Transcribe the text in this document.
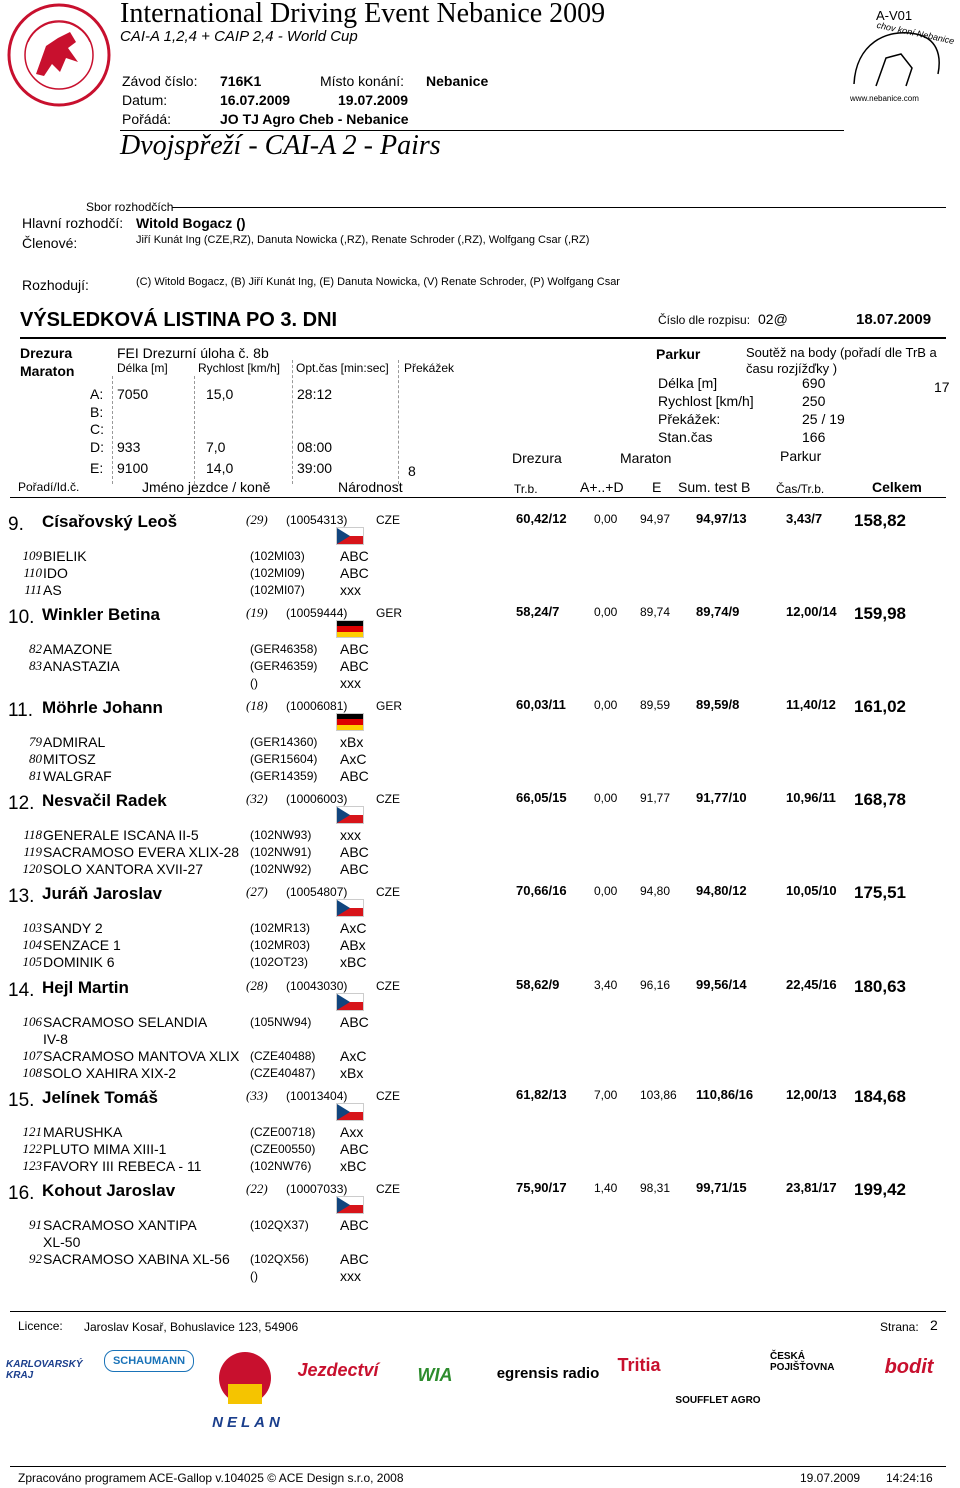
International Driving Event Nebanice 2009
CAI-A 1,2,4 + CAIP 2,4 - World Cup
A-V01
Závod číslo: 716K1	Místo konání: Nebanice
Datum:	16.07.2009	19.07.2009
Pořádá:	JO TJ Agro Cheb - Nebanice
Dvojspřeží - CAI-A 2 - Pairs
chov koní Nebanice
www.nebanice.com
Sbor rozhodčích
Hlavní rozhodčí: Witold Bogacz ()
Členové:	Jiří Kunát Ing (CZE,RZ), Danuta Nowicka (,RZ), Renate Schroder (,RZ), Wolfgang Csar (,RZ)
Rozhodují:	(C) Witold Bogacz, (B) Jiří Kunát Ing, (E) Danuta Nowicka, (V) Renate Schroder, (P) Wolfgang Csar
VÝSLEDKOVÁ LISTINA PO 3. DNI	Číslo dle rozpisu: 02@	18.07.2009
Drezura
Maraton
FEI Drezurní úloha č. 8b
Délka [m]	Rychlost [km/h] Opt.čas [min:sec] Překážek
A: 7050	15,0	28:12
B:
C:
D: 933	7,0	08:00
E: 9100	14,0	39:00	8
Parkur	Soutěž na body (pořadí dle TrB a
času rozjížďky )
17
Délka [m]	690
Rychlost [km/h]	250
Překážek:	25 / 19
Stan.čas	166
Drezura	Maraton	Parkur
Pořadí/Id.č.	Jméno jezdce / koně	Národnost	Tr.b.	A+..+D E Sum. test B Čas/Tr.b.	Celkem
9. Císařovský Leoš	(29) (10054313) CZE	60,42/12 0,00 94,97 94,97/13	3,43/7 158,82
109 BIELIK	(102MI03)	ABC
110 IDO	(102MI09)	ABC
111 AS	(102MI07)	xxx
10. Winkler Betina	(19) (10059444) GER	58,24/7	0,00 89,74 89,74/9	12,00/14 159,98
82 AMAZONE	(GER46358) ABC
83 ANASTAZIA	(GER46359) ABC
()	xxx
11. Möhrle Johann	(18) (10006081) GER	60,03/11 0,00 89,59 89,59/8	11,40/12 161,02
79 ADMIRAL	(GER14360) xBx
80 MITOSZ	(GER15604) AxC
81 WALGRAF	(GER14359) ABC
12. Nesvačil Radek	(32) (10006003) CZE	66,05/15 0,00 91,77 91,77/10	10,96/11 168,78
118 GENERALE ISCANA II-5	(102NW93) xxx
119 SACRAMOSO EVERA XLIX-28 (102NW91) ABC
120 SOLO XANTORA XVII-27	(102NW92) ABC
13. Juráň Jaroslav	(27) (10054807) CZE	70,66/16 0,00 94,80 94,80/12	10,05/10 175,51
103 SANDY 2	(102MR13) AxC
104 SENZACE 1	(102MR03) ABx
105 DOMINIK 6	(102OT23) xBC
14. Hejl Martin	(28) (10043030) CZE	58,62/9	3,40 96,16 99,56/14	22,45/16 180,63
106 SACRAMOSO SELANDIA	(105NW94) ABC
IV-8
107 SACRAMOSO MANTOVA XLIX (CZE40488) AxC
108 SOLO XAHIRA XIX-2	(CZE40487) xBx
15. Jelínek Tomáš	(33) (10013404) CZE	61,82/13 7,00 103,86 110,86/16	12,00/13 184,68
121 MARUSHKA	(CZE00718) Axx
122 PLUTO MIMA XIII-1	(CZE00550) ABC
123 FAVORY III REBECA - 11	(102NW76) xBC
16. Kohout Jaroslav	(22) (10007033) CZE	75,90/17 1,40 98,31 99,71/15	23,81/17 199,42
91 SACRAMOSO XANTIPA	(102QX37) ABC
XL-50
92 SACRAMOSO XABINA XL-56 (102QX56) ABC
()	xxx
Licence: Jaroslav Kosař, Bohuslavice 123, 54906	Strana: 2
KARLOVARSKÝ KRAJ
SCHAUMANN
NELAN
Jezdectví	WIA	egrensis radio	Tritia
SOUFFLET AGRO
ČESKÁ POJIŠŤOVNA	bodit
Zpracováno programem ACE-Gallop v.104025 © ACE Design s.r.o, 2008	19.07.2009 14:24:16
